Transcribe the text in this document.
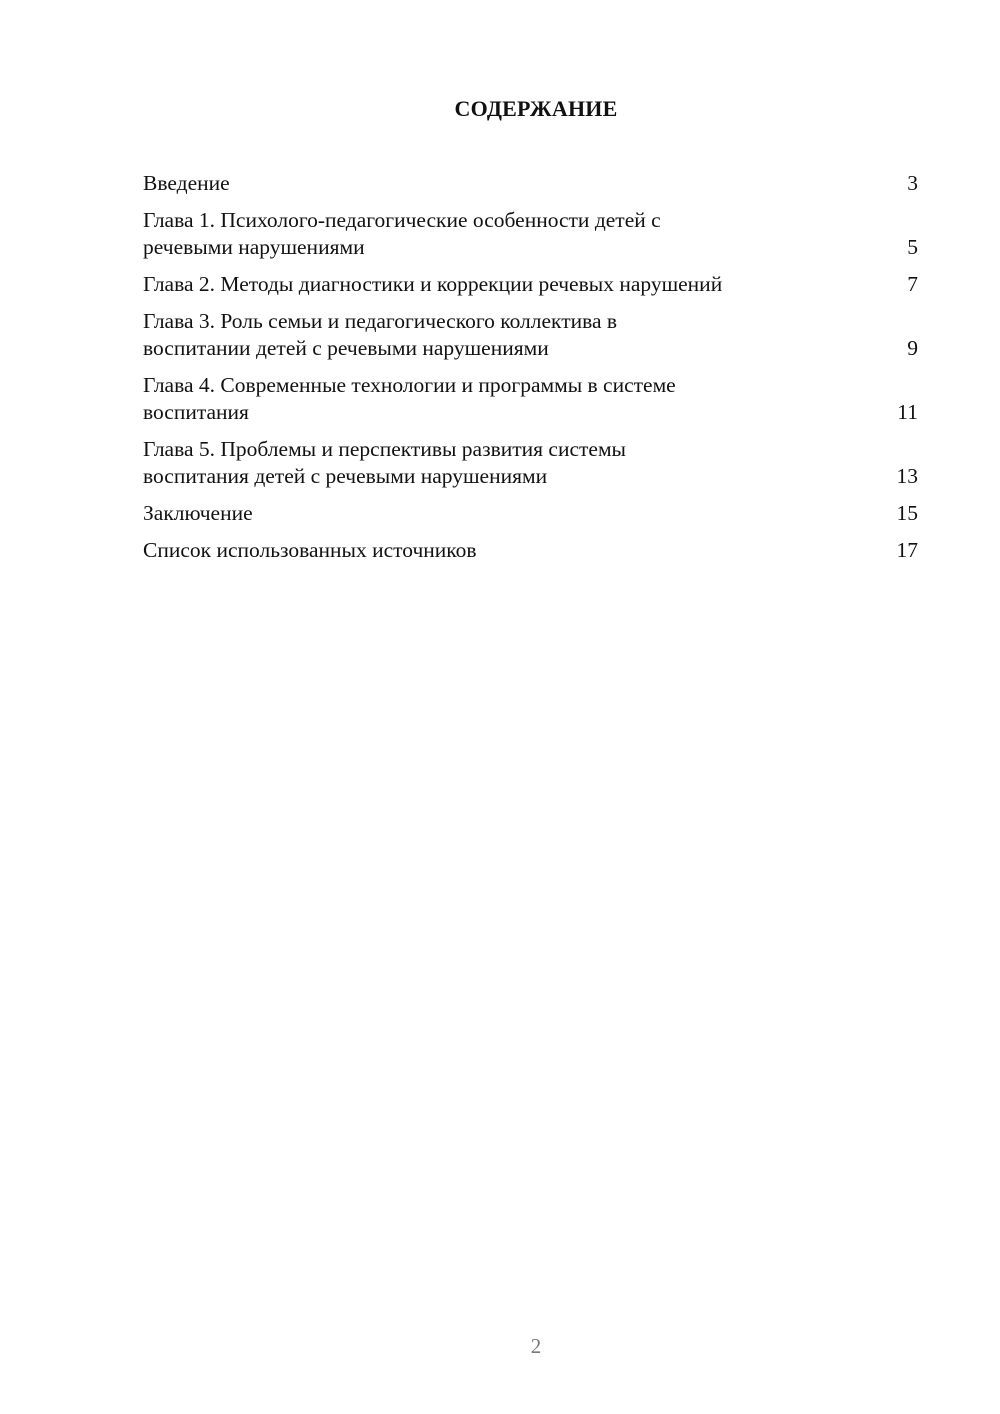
СОДЕРЖАНИЕ
Введение	3
Глава 1. Психолого-педагогические особенности детей с
речевыми нарушениями	5
Глава 2. Методы диагностики и коррекции речевых нарушений	7
Глава 3. Роль семьи и педагогического коллектива в
воспитании детей с речевыми нарушениями	9
Глава 4. Современные технологии и программы в системе
воспитания	11
Глава 5. Проблемы и перспективы развития системы
воспитания детей с речевыми нарушениями	13
Заключение	15
Список использованных источников	17
2
